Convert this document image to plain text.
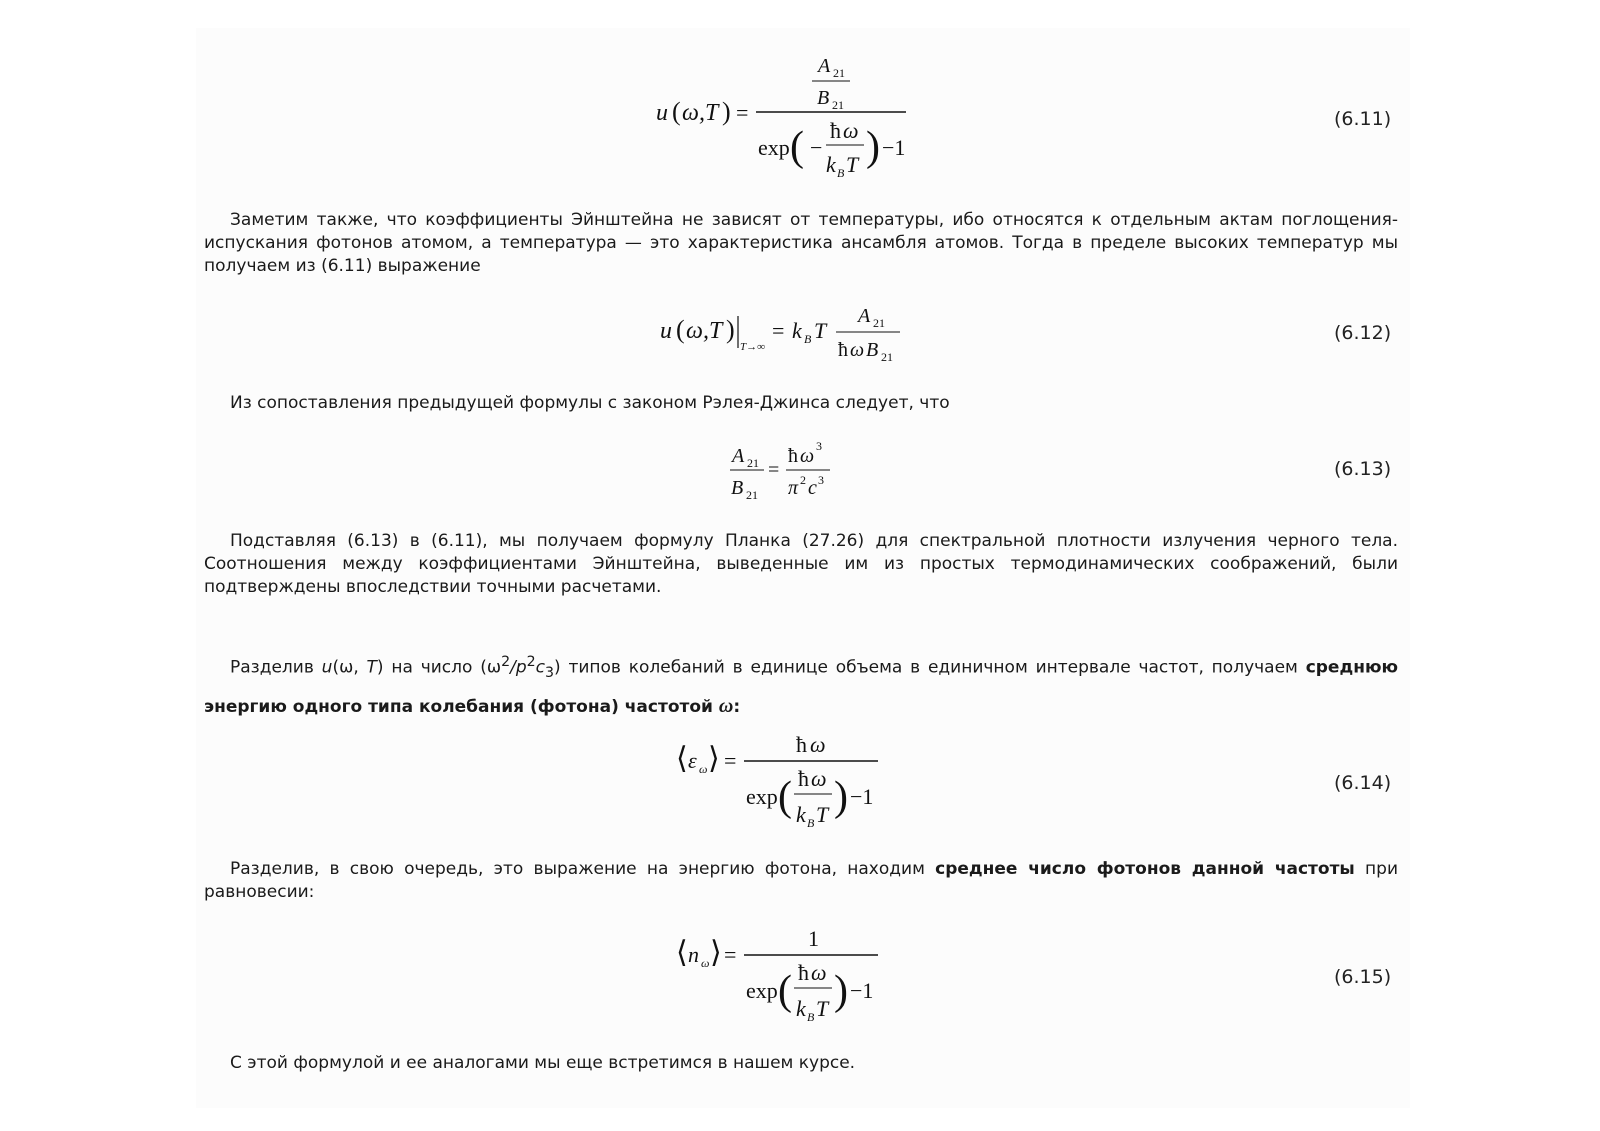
u ( ω,T ) =
A 21
B 21
exp ( −
ħ ω
k B T ) −1
(6.11)
Заметим также, что коэффициенты Эйнштейна не зависят от температуры, ибо относятся к отдельным актам поглощения-испускания фотонов атомом, а температура — это характеристика ансамбля атомов. Тогда в пределе высоких температур мы получаем из (6.11) выражение
u ( ω,T )
T→∞
= k B T
A 21
ħ ω B 21
(6.12)
Из сопоставления предыдущей формулы с законом Рэлея-Джинса следует, что
A 21
B 21
=
ħ ω 3
π 2 c 3	(6.13)
Подставляя (6.13) в (6.11), мы получаем формулу Планка (27.26) для спектральной плотности излучения черного тела. Соотношения между коэффициентами Эйнштейна, выведенные им из простых термодинамических соображений, были подтверждены впоследствии точными расчетами.
Разделив u(ω, T) на число $(\omega^2/p^2c_3)$ типов колебаний в единице объема в единичном интервале частот, получаем среднюю энергию одного типа колебания (фотона) частотой ω:
⟨ ε ω ⟩ =
ħ ω
exp ( ħ ω
k B T ) −1
(6.14)
Разделив, в свою очередь, это выражение на энергию фотона, находим среднее число фотонов данной частоты при равновесии:
⟨ n ω ⟩ =
1
exp ( ħ ω
k B T ) −1
(6.15)
С этой формулой и ее аналогами мы еще встретимся в нашем курсе.
